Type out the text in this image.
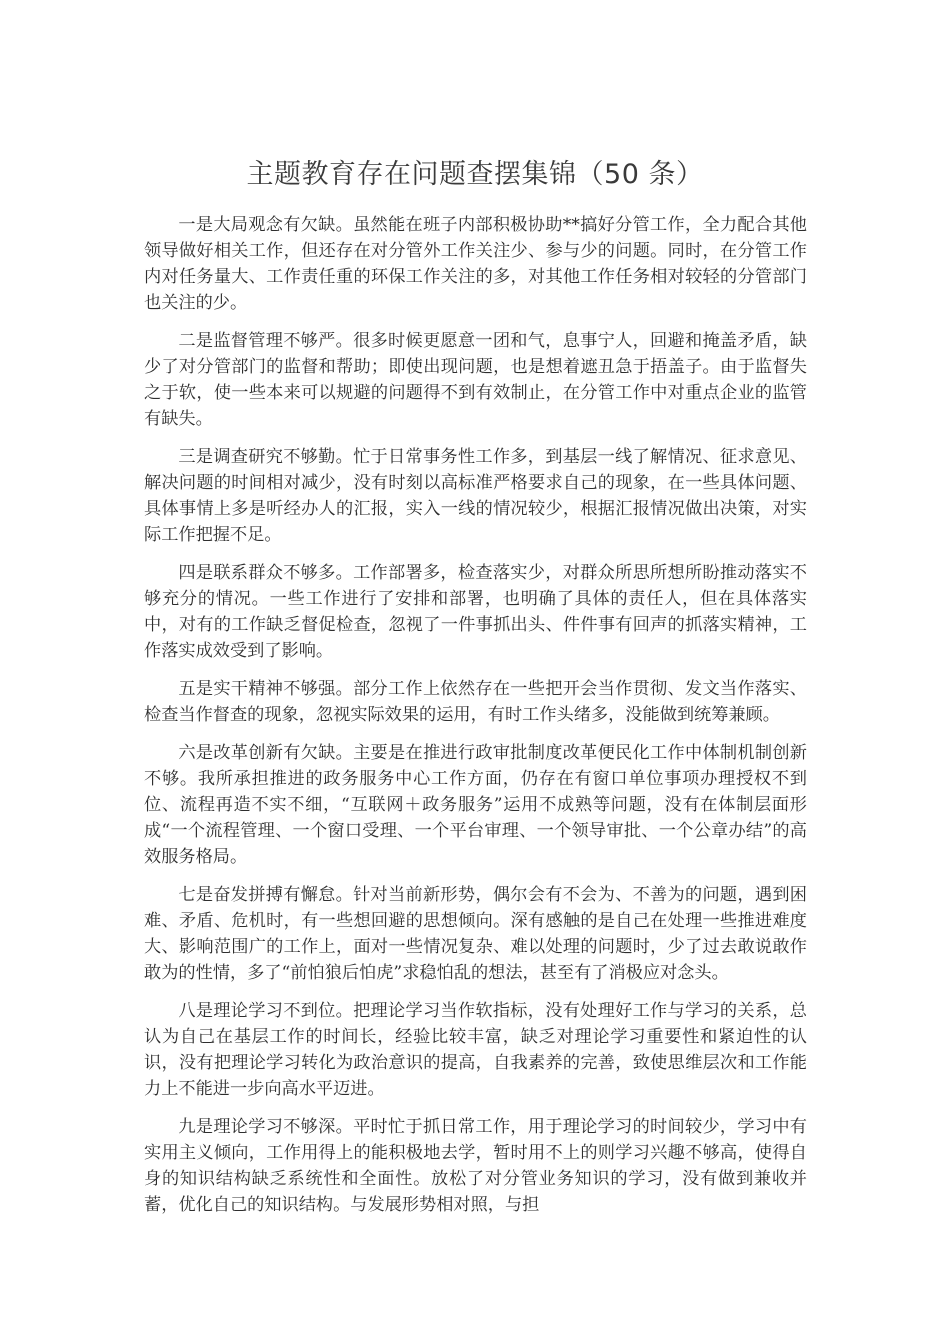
主题教育存在问题查摆集锦（50 条）

一是大局观念有欠缺。虽然能在班子内部积极协助**搞好分管工作，全力配合其他领导做好相关工作，但还存在对分管外工作关注少、参与少的问题。同时，在分管工作内对任务量大、工作责任重的环保工作关注的多，对其他工作任务相对较轻的分管部门也关注的少。

二是监督管理不够严。很多时候更愿意一团和气，息事宁人，回避和掩盖矛盾，缺少了对分管部门的监督和帮助；即使出现问题，也是想着遮丑急于捂盖子。由于监督失之于软，使一些本来可以规避的问题得不到有效制止，在分管工作中对重点企业的监管有缺失。

三是调查研究不够勤。忙于日常事务性工作多，到基层一线了解情况、征求意见、解决问题的时间相对减少，没有时刻以高标准严格要求自己的现象，在一些具体问题、具体事情上多是听经办人的汇报，实入一线的情况较少，根据汇报情况做出决策，对实际工作把握不足。

四是联系群众不够多。工作部署多，检查落实少，对群众所思所想所盼推动落实不够充分的情况。一些工作进行了安排和部署，也明确了具体的责任人，但在具体落实中，对有的工作缺乏督促检查，忽视了一件事抓出头、件件事有回声的抓落实精神，工作落实成效受到了影响。

五是实干精神不够强。部分工作上依然存在一些把开会当作贯彻、发文当作落实、检查当作督查的现象，忽视实际效果的运用，有时工作头绪多，没能做到统筹兼顾。

六是改革创新有欠缺。主要是在推进行政审批制度改革便民化工作中体制机制创新不够。我所承担推进的政务服务中心工作方面，仍存在有窗口单位事项办理授权不到位、流程再造不实不细，“互联网＋政务服务”运用不成熟等问题，没有在体制层面形成“一个流程管理、一个窗口受理、一个平台审理、一个领导审批、一个公章办结”的高效服务格局。

七是奋发拼搏有懈怠。针对当前新形势，偶尔会有不会为、不善为的问题，遇到困难、矛盾、危机时，有一些想回避的思想倾向。深有感触的是自己在处理一些推进难度大、影响范围广的工作上，面对一些情况复杂、难以处理的问题时，少了过去敢说敢作敢为的性情，多了“前怕狼后怕虎”求稳怕乱的想法，甚至有了消极应对念头。

八是理论学习不到位。把理论学习当作软指标，没有处理好工作与学习的关系，总认为自己在基层工作的时间长，经验比较丰富，缺乏对理论学习重要性和紧迫性的认识，没有把理论学习转化为政治意识的提高，自我素养的完善，致使思维层次和工作能力上不能进一步向高水平迈进。

九是理论学习不够深。平时忙于抓日常工作，用于理论学习的时间较少，学习中有实用主义倾向，工作用得上的能积极地去学，暂时用不上的则学习兴趣不够高，使得自身的知识结构缺乏系统性和全面性。放松了对分管业务知识的学习，没有做到兼收并蓄，优化自己的知识结构。与发展形势相对照，与担
